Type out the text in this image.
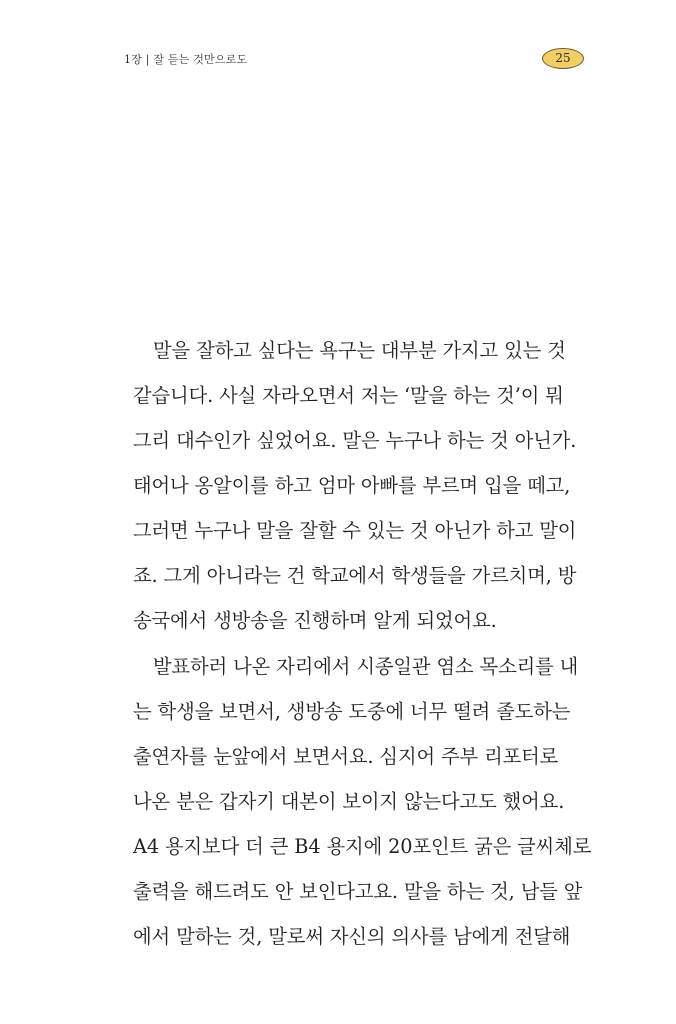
1장 | 잘 듣는 것만으로도	25
말을 잘하고 싶다는 욕구는 대부분 가지고 있는 것
같습니다. 사실 자라오면서 저는 ‘말을 하는 것’이 뭐
그리 대수인가 싶었어요. 말은 누구나 하는 것 아닌가.
태어나 옹알이를 하고 엄마 아빠를 부르며 입을 떼고,
그러면 누구나 말을 잘할 수 있는 것 아닌가 하고 말이
죠. 그게 아니라는 건 학교에서 학생들을 가르치며, 방
송국에서 생방송을 진행하며 알게 되었어요.
발표하러 나온 자리에서 시종일관 염소 목소리를 내
는 학생을 보면서, 생방송 도중에 너무 떨려 졸도하는
출연자를 눈앞에서 보면서요. 심지어 주부 리포터로
나온 분은 갑자기 대본이 보이지 않는다고도 했어요.
A4 용지보다 더 큰 B4 용지에 20포인트 굵은 글씨체로
출력을 해드려도 안 보인다고요. 말을 하는 것, 남들 앞
에서 말하는 것, 말로써 자신의 의사를 남에게 전달해
